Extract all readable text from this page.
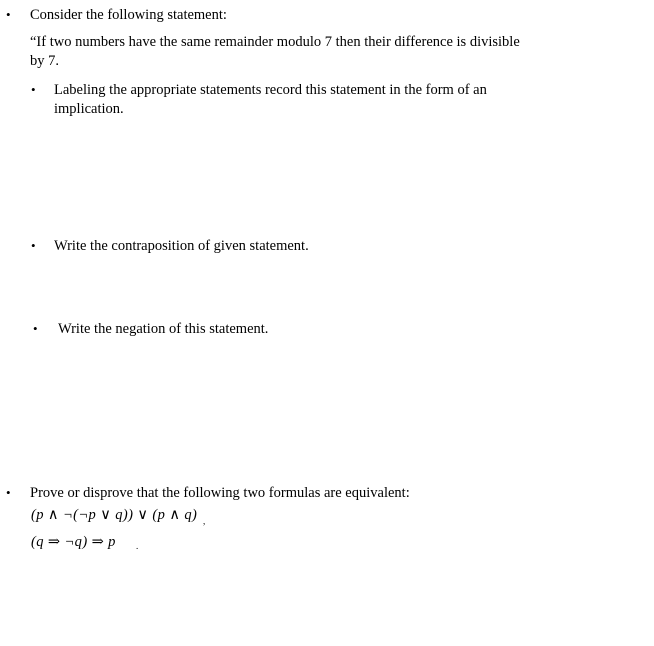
• Consider the following statement:
“If two numbers have the same remainder modulo 7 then their difference is divisible
by 7.
• Labeling the appropriate statements record this statement in the form of an
implication.
• Write the contraposition of given statement.
• Write the negation of this statement.
• Prove or disprove that the following two formulas are equivalent:
(p ∧ ¬(¬p ∨ q)) ∨ (p ∧ q) ,
(q ⇒ ¬q) ⇒ p .
